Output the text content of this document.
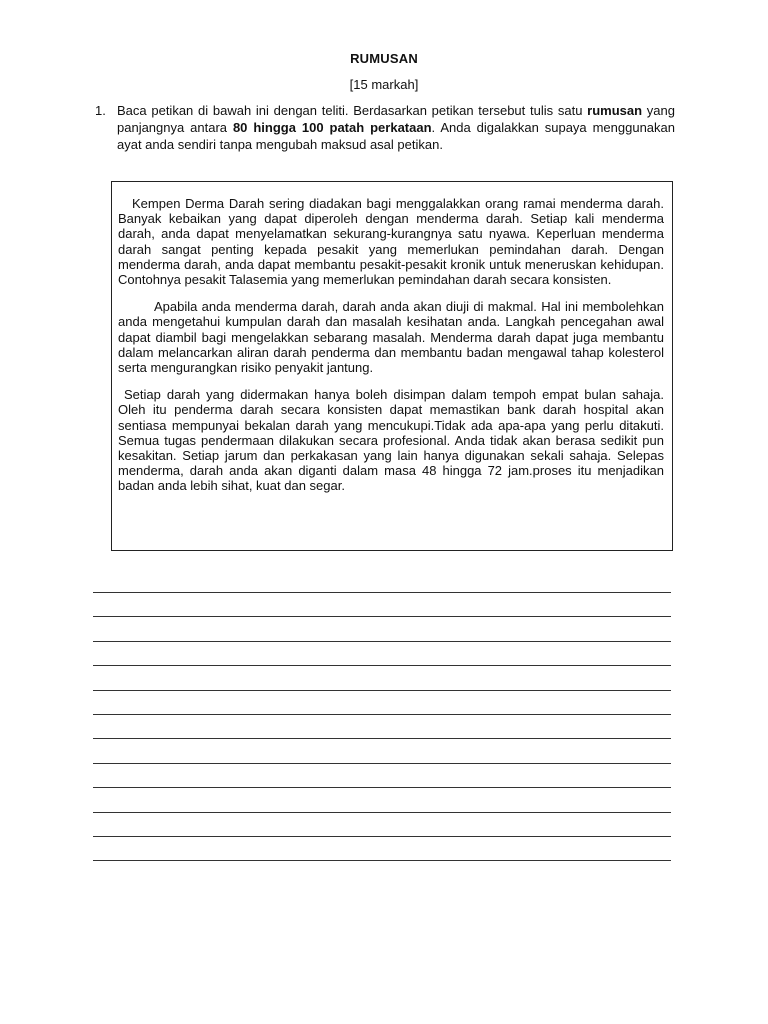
RUMUSAN
[15 markah]
1. Baca petikan di bawah ini dengan teliti. Berdasarkan petikan tersebut tulis satu rumusan yang panjangnya antara 80 hingga 100 patah perkataan. Anda digalakkan supaya menggunakan ayat anda sendiri tanpa mengubah maksud asal petikan.

Kempen Derma Darah sering diadakan bagi menggalakkan orang ramai menderma darah. Banyak kebaikan yang dapat diperoleh dengan menderma darah. Setiap kali menderma darah, anda dapat menyelamatkan sekurang-kurangnya satu nyawa. Keperluan menderma darah sangat penting kepada pesakit yang memerlukan pemindahan darah. Dengan menderma darah, anda dapat membantu pesakit-pesakit kronik untuk meneruskan kehidupan. Contohnya pesakit Talasemia yang memerlukan pemindahan darah secara konsisten.

Apabila anda menderma darah, darah anda akan diuji di makmal. Hal ini membolehkan anda mengetahui kumpulan darah dan masalah kesihatan anda. Langkah pencegahan awal dapat diambil bagi mengelakkan sebarang masalah. Menderma darah dapat juga membantu dalam melancarkan aliran darah penderma dan membantu badan mengawal tahap kolesterol serta mengurangkan risiko penyakit jantung.

Setiap darah yang didermakan hanya boleh disimpan dalam tempoh empat bulan sahaja. Oleh itu penderma darah secara konsisten dapat memastikan bank darah hospital akan sentiasa mempunyai bekalan darah yang mencukupi.Tidak ada apa-apa yang perlu ditakuti. Semua tugas pendermaan dilakukan secara profesional. Anda tidak akan berasa sedikit pun kesakitan. Setiap jarum dan perkakasan yang lain hanya digunakan sekali sahaja. Selepas menderma, darah anda akan diganti dalam masa 48 hingga 72 jam.proses itu menjadikan badan anda lebih sihat, kuat dan segar.
